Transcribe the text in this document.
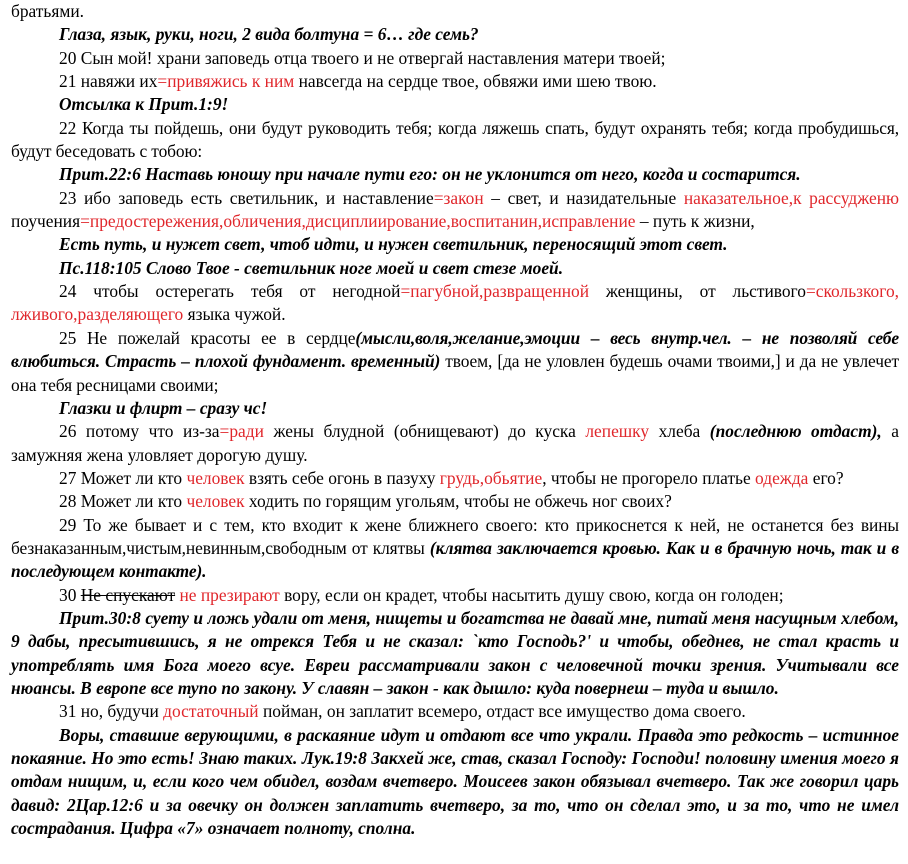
братьями.

Глаза, язык, руки, ноги, 2 вида болтуна = 6… где семь?

20 Сын мой! храни заповедь отца твоего и не отвергай наставления матери твоей;

21 навяжи их=привяжись к ним навсегда на сердце твое, обвяжи ими шею твою.

Отсылка к Прит.1:9!

22 Когда ты пойдешь, они будут руководить тебя; когда ляжешь спать, будут охранять тебя; когда пробудишься, будут беседовать с тобою:

Прит.22:6 Наставь юношу при начале пути его: он не уклонится от него, когда и состарится.

23 ибо заповедь есть светильник, и наставление=закон – свет, и назидательные наказательное,к рассудженю поучения=предостережения,обличения,дисциплиирование,воспитанин,исправление – путь к жизни,

Есть путь, и нужет свет, чтоб идти, и нужен светильник, переносящий этот свет.

Пс.118:105 Слово Твое - светильник ноге моей и свет стезе моей.

24 чтобы остерегать тебя от негодной=пагубной,развращенной женщины, от льстивого=скользкого, лживого,разделяющего языка чужой.

25 Не пожелай красоты ее в сердце(мысли,воля,желание,эмоции – весь внутр.чел. – не позволяй себе влюбиться. Страсть – плохой фундамент. временный) твоем, [да не уловлен будешь очами твоими,] и да не увлечет она тебя ресницами своими;

Глазки и флирт – сразу чс!

26 потому что из-за=ради жены блудной (обнищевают) до куска лепешку хлеба (последнюю отдаст), а замужняя жена уловляет дорогую душу.

27 Может ли кто человек взять себе огонь в пазуху грудь,обьятие, чтобы не прогорело платье одежда его?

28 Может ли кто человек ходить по горящим угольям, чтобы не обжечь ног своих?

29 То же бывает и с тем, кто входит к жене ближнего своего: кто прикоснется к ней, не останется без вины безнаказанным,чистым,невинным,свободным от клятвы (клятва заключается кровью. Как и в брачную ночь, так и в последующем контакте).

30 Не спускают не презирают вору, если он крадет, чтобы насытить душу свою, когда он голоден;

Прит.30:8 суету и ложь удали от меня, нищеты и богатства не давай мне, питай меня насущным хлебом, 9 дабы, пресытившись, я не отрекся Тебя и не сказал: `кто Господь?' и чтобы, обеднев, не стал красть и употреблять имя Бога моего всуе. Евреи рассматривали закон с человечной точки зрения. Учитывали все нюансы. В европе все тупо по закону. У славян – закон - как дышло: куда повернеш – туда и вышло.

31 но, будучи достаточный пойман, он заплатит всемеро, отдаст все имущество дома своего.

Воры, ставшие верующими, в раскаяние идут и отдают все что украли. Правда это редкость – истинное покаяние. Но это есть! Знаю таких. Лук.19:8 Закхей же, став, сказал Господу: Господи! половину имения моего я отдам нищим, и, если кого чем обидел, воздам вчетверо. Моисеев закон обязывал вчетверо. Так же говорил царь давид: 2Цар.12:6 и за овечку он должен заплатить вчетверо, за то, что он сделал это, и за то, что не имел сострадания. Цифра «7» означает полноту, сполна.
